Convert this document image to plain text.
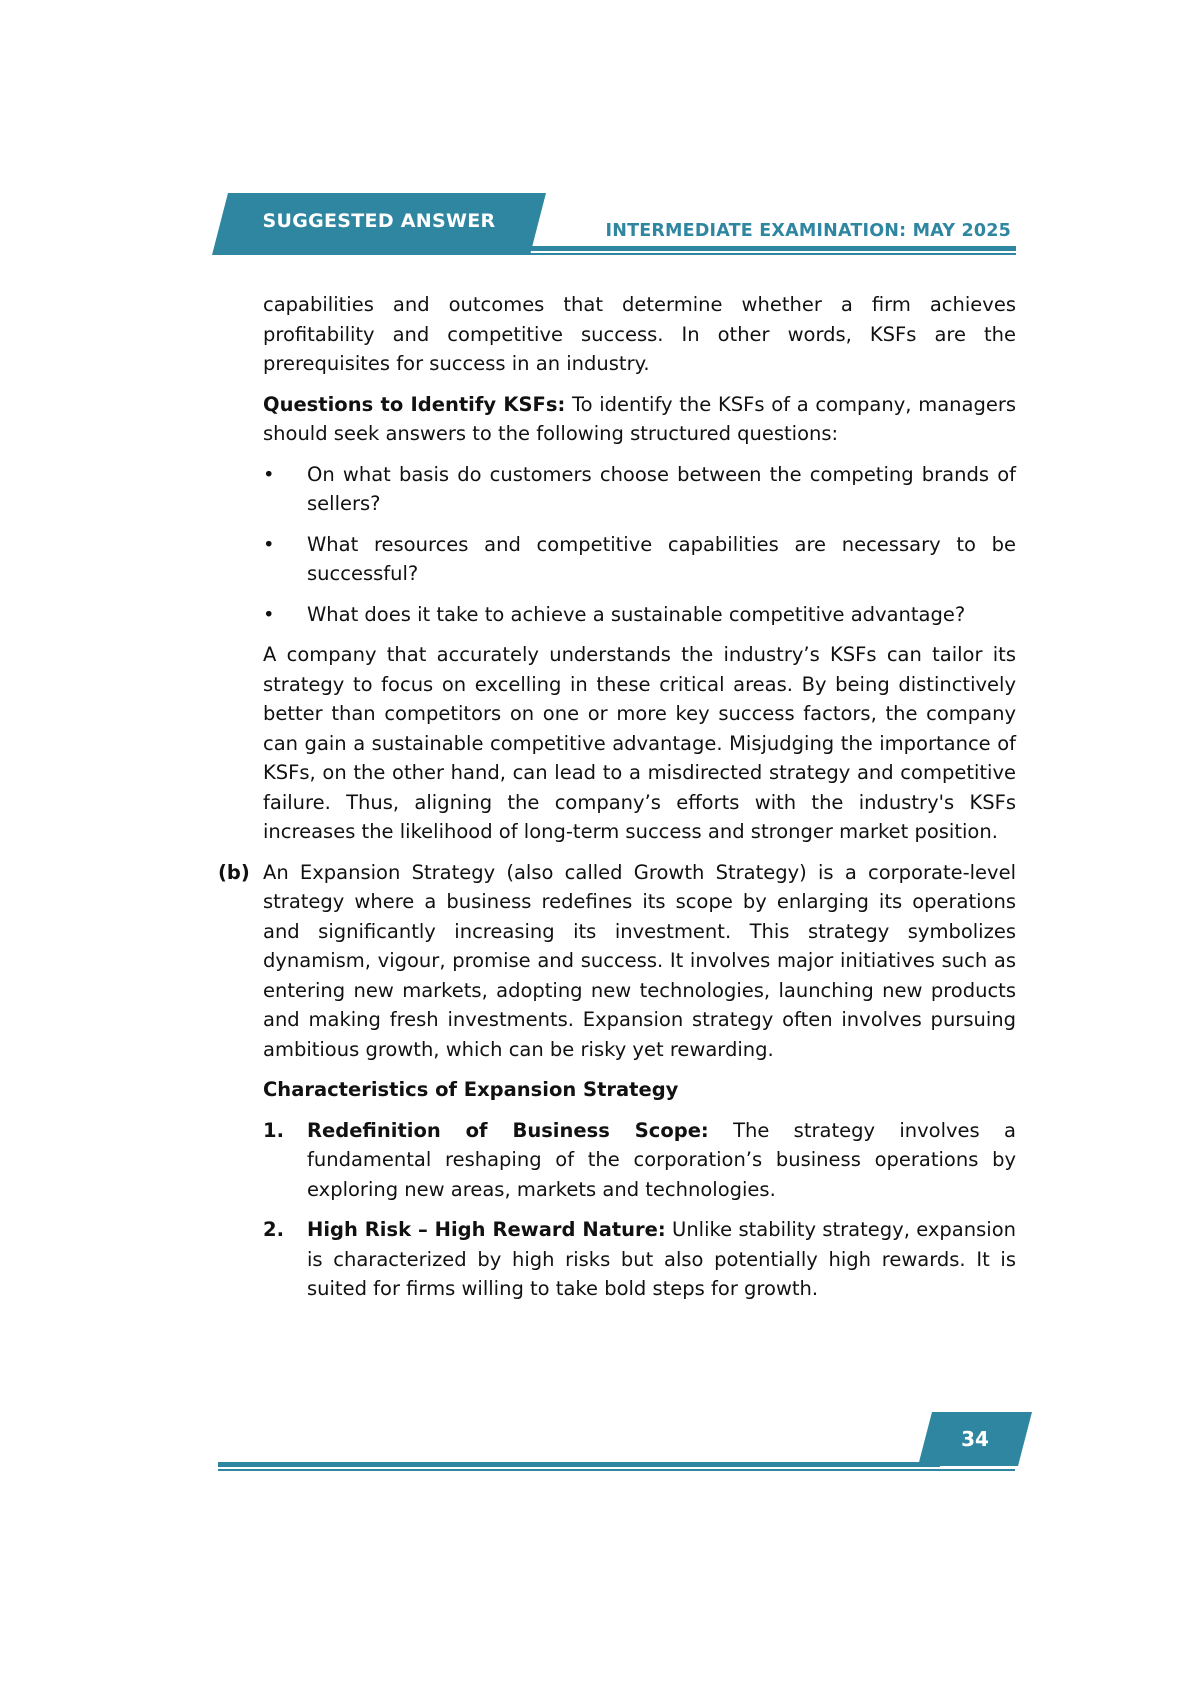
SUGGESTED ANSWER	INTERMEDIATE EXAMINATION: MAY 2025

capabilities and outcomes that determine whether a firm achieves profitability and competitive success. In other words, KSFs are the prerequisites for success in an industry.

Questions to Identify KSFs: To identify the KSFs of a company, managers should seek answers to the following structured questions:

• On what basis do customers choose between the competing brands of sellers?
• What resources and competitive capabilities are necessary to be successful?
• What does it take to achieve a sustainable competitive advantage?

A company that accurately understands the industry’s KSFs can tailor its strategy to focus on excelling in these critical areas. By being distinctively better than competitors on one or more key success factors, the company can gain a sustainable competitive advantage. Misjudging the importance of KSFs, on the other hand, can lead to a misdirected strategy and competitive failure. Thus, aligning the company’s efforts with the industry's KSFs increases the likelihood of long-term success and stronger market position.

(b) An Expansion Strategy (also called Growth Strategy) is a corporate-level strategy where a business redefines its scope by enlarging its operations and significantly increasing its investment. This strategy symbolizes dynamism, vigour, promise and success. It involves major initiatives such as entering new markets, adopting new technologies, launching new products and making fresh investments. Expansion strategy often involves pursuing ambitious growth, which can be risky yet rewarding.

Characteristics of Expansion Strategy

1. Redefinition of Business Scope: The strategy involves a fundamental reshaping of the corporation’s business operations by exploring new areas, markets and technologies.
2. High Risk – High Reward Nature: Unlike stability strategy, expansion is characterized by high risks but also potentially high rewards. It is suited for firms willing to take bold steps for growth.
34
